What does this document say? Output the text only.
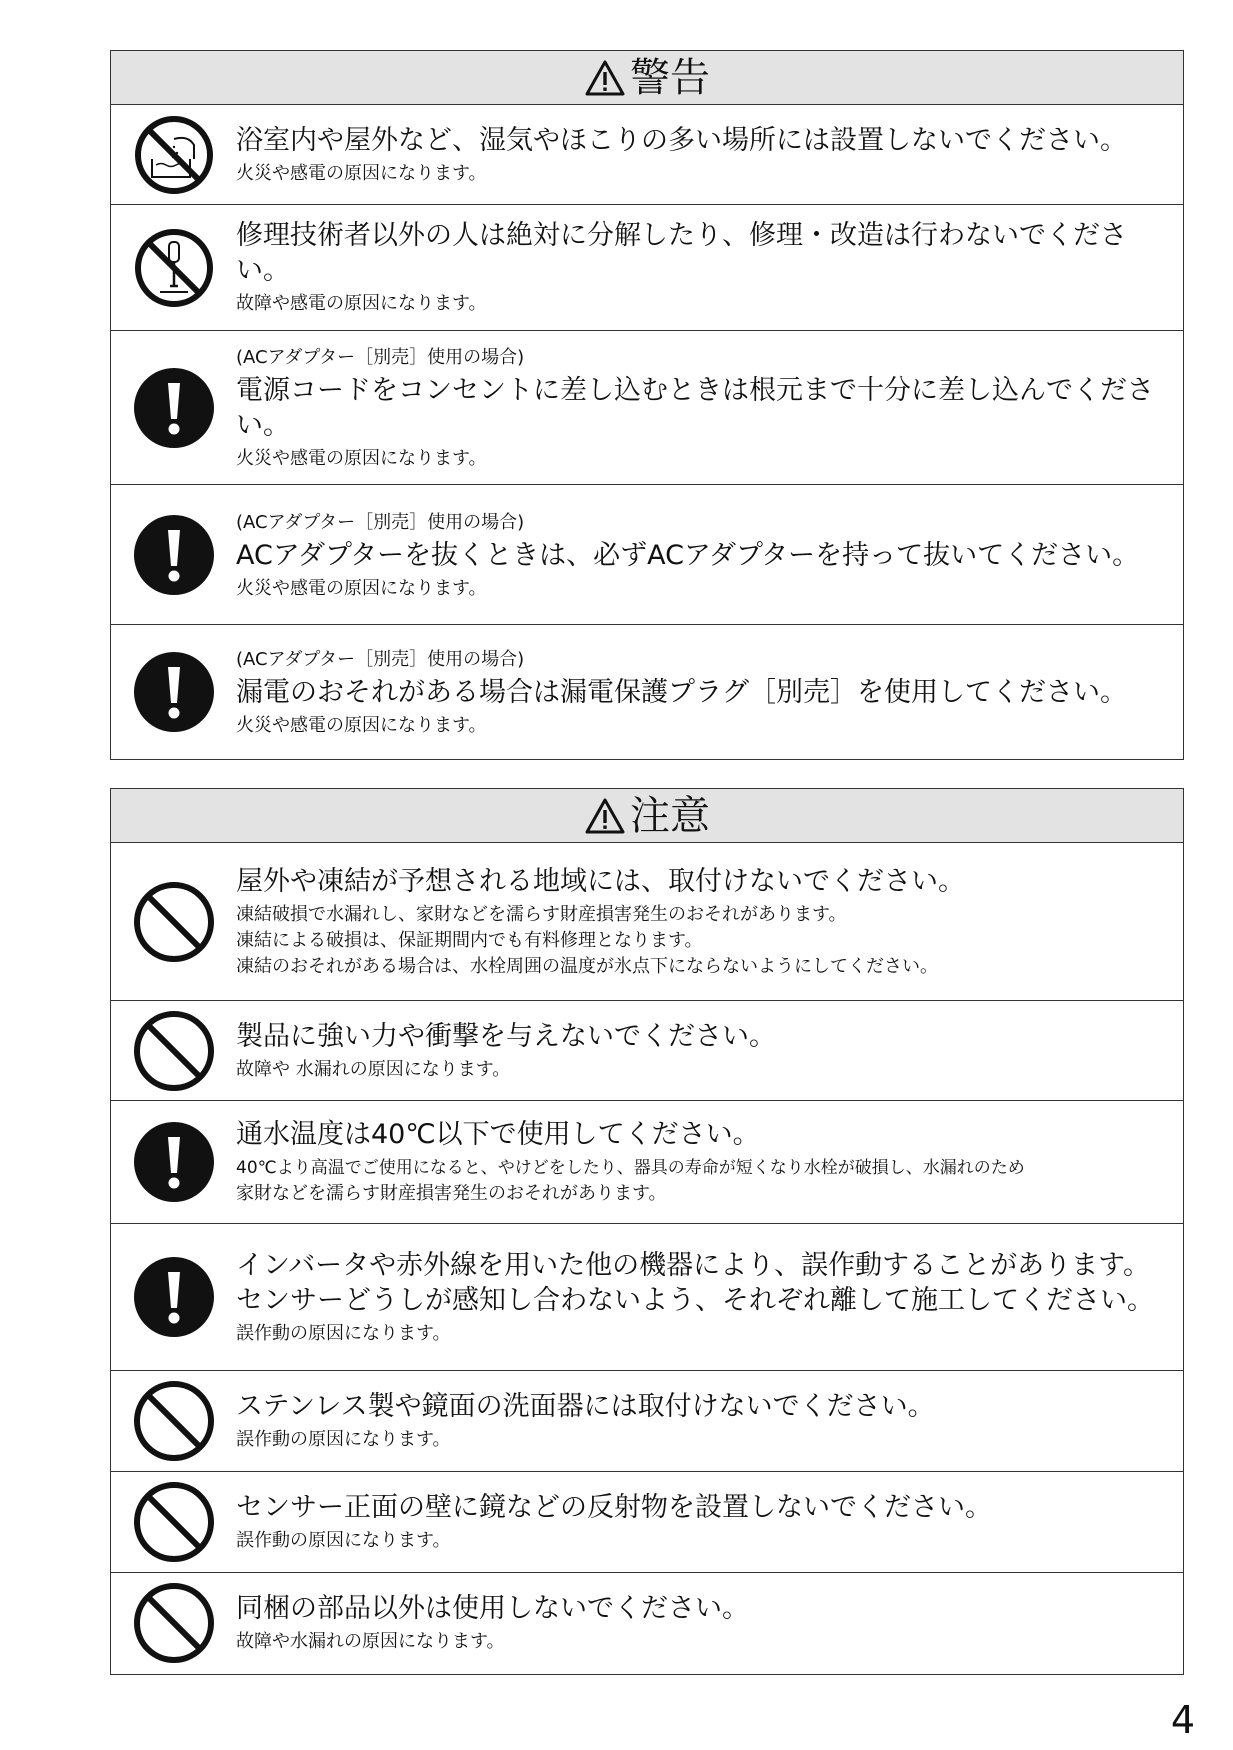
警告
浴室内や屋外など、湿気やほこりの多い場所には設置しないでください。
火災や感電の原因になります。
修理技術者以外の人は絶対に分解したり、修理・改造は行わないでください。
故障や感電の原因になります。
(ACアダプター［別売］使用の場合)
電源コードをコンセントに差し込むときは根元まで十分に差し込んでください。
火災や感電の原因になります。
(ACアダプター［別売］使用の場合)
ACアダプターを抜くときは、必ずACアダプターを持って抜いてください。
火災や感電の原因になります。
(ACアダプター［別売］使用の場合)
漏電のおそれがある場合は漏電保護プラグ［別売］を使用してください。
火災や感電の原因になります。
注意
屋外や凍結が予想される地域には、取付けないでください。
凍結破損で水漏れし、家財などを濡らす財産損害発生のおそれがあります。
凍結による破損は、保証期間内でも有料修理となります。
凍結のおそれがある場合は、水栓周囲の温度が氷点下にならないようにしてください。
製品に強い力や衝撃を与えないでください。
故障や 水漏れの原因になります。
通水温度は40℃以下で使用してください。
40℃より高温でご使用になると、やけどをしたり、器具の寿命が短くなり水栓が破損し、水漏れのため
家財などを濡らす財産損害発生のおそれがあります。
インバータや赤外線を用いた他の機器により、誤作動することがあります。
センサーどうしが感知し合わないよう、それぞれ離して施工してください。
誤作動の原因になります。
ステンレス製や鏡面の洗面器には取付けないでください。
誤作動の原因になります。
センサー正面の壁に鏡などの反射物を設置しないでください。
誤作動の原因になります。
同梱の部品以外は使用しないでください。
故障や水漏れの原因になります。
4
